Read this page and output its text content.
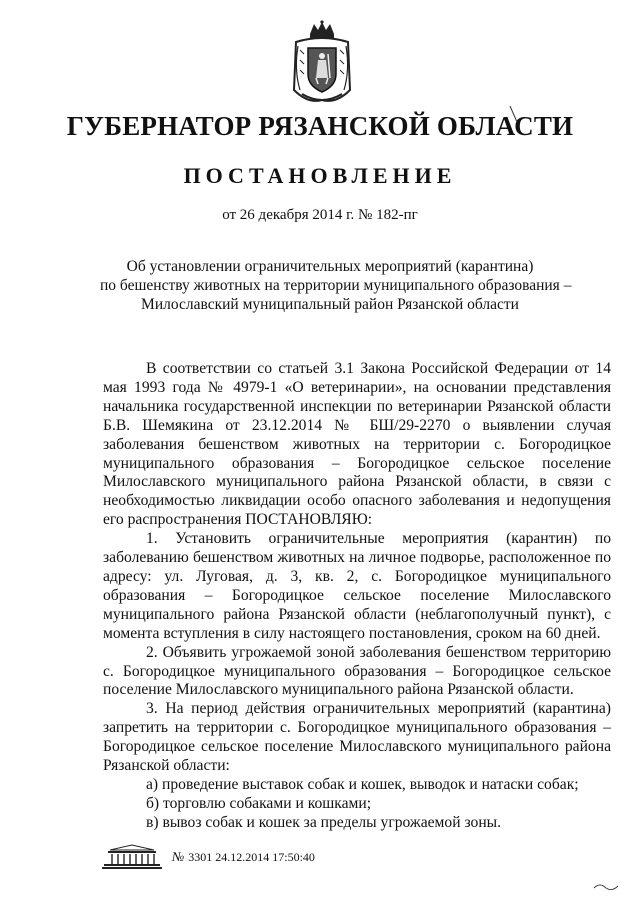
ГУБЕРНАТОР РЯЗАНСКОЙ ОБЛАСТИ
ПОСТАНОВЛЕНИЕ
от 26 декабря 2014 г. № 182-пг
Об установлении ограничительных мероприятий (карантина)
по бешенству животных на территории муниципального образования –
Милославский муниципальный район Рязанской области

В соответствии со статьей 3.1 Закона Российской Федерации от 14 мая 1993 года № 4979-1 «О ветеринарии», на основании представления начальника государственной инспекции по ветеринарии Рязанской области Б.В. Шемякина от 23.12.2014 № БШ/29-2270 о выявлении случая заболевания бешенством животных на территории с. Богородицкое муниципального образования – Богородицкое сельское поселение Милославского муниципального района Рязанской области, в связи с необходимостью ликвидации особо опасного заболевания и недопущения его распространения ПОСТАНОВЛЯЮ:

1. Установить ограничительные мероприятия (карантин) по заболеванию бешенством животных на личное подворье, расположенное по адресу: ул. Луговая, д. 3, кв. 2, с. Богородицкое муниципального образования – Богородицкое сельское поселение Милославского муниципального района Рязанской области (неблагополучный пункт), с момента вступления в силу настоящего постановления, сроком на 60 дней.

2. Объявить угрожаемой зоной заболевания бешенством территорию с. Богородицкое муниципального образования – Богородицкое сельское поселение Милославского муниципального района Рязанской области.

3. На период действия ограничительных мероприятий (карантина) запретить на территории с. Богородицкое муниципального образования – Богородицкое сельское поселение Милославского муниципального района Рязанской области:

а) проведение выставок собак и кошек, выводок и натаски собак;

б) торговлю собаками и кошками;

в) вывоз собак и кошек за пределы угрожаемой зоны.

№ 3301 24.12.2014 17:50:40
